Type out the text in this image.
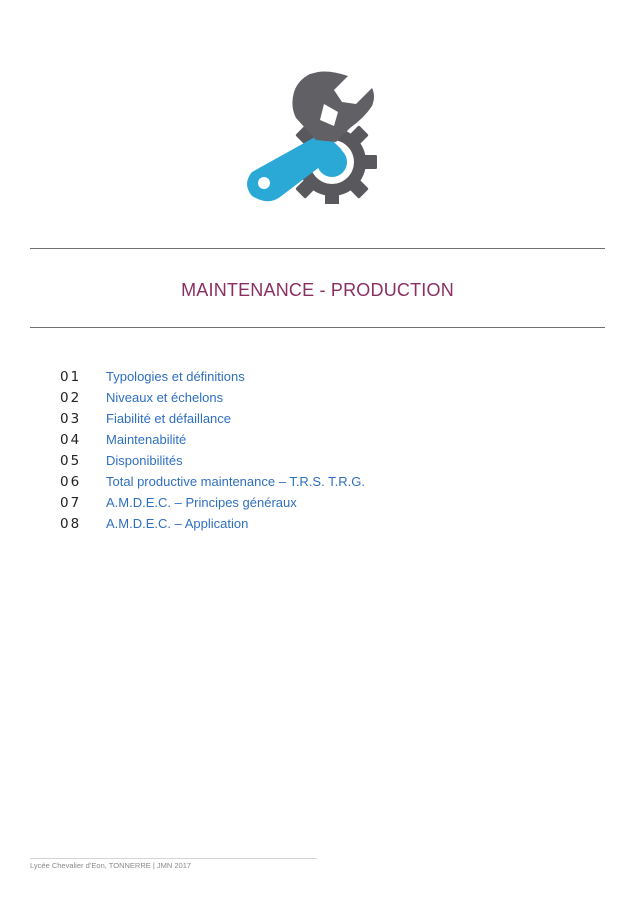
MAINTENANCE - PRODUCTION
01	Typologies et définitions
02	Niveaux et échelons
03	Fiabilité et défaillance
04	Maintenabilité
05	Disponibilités
06	Total productive maintenance – T.R.S. T.R.G.
07	A.M.D.E.C. – Principes généraux
08	A.M.D.E.C. – Application
Lycée Chevalier d’Eon, TONNERRE | JMN 2017
